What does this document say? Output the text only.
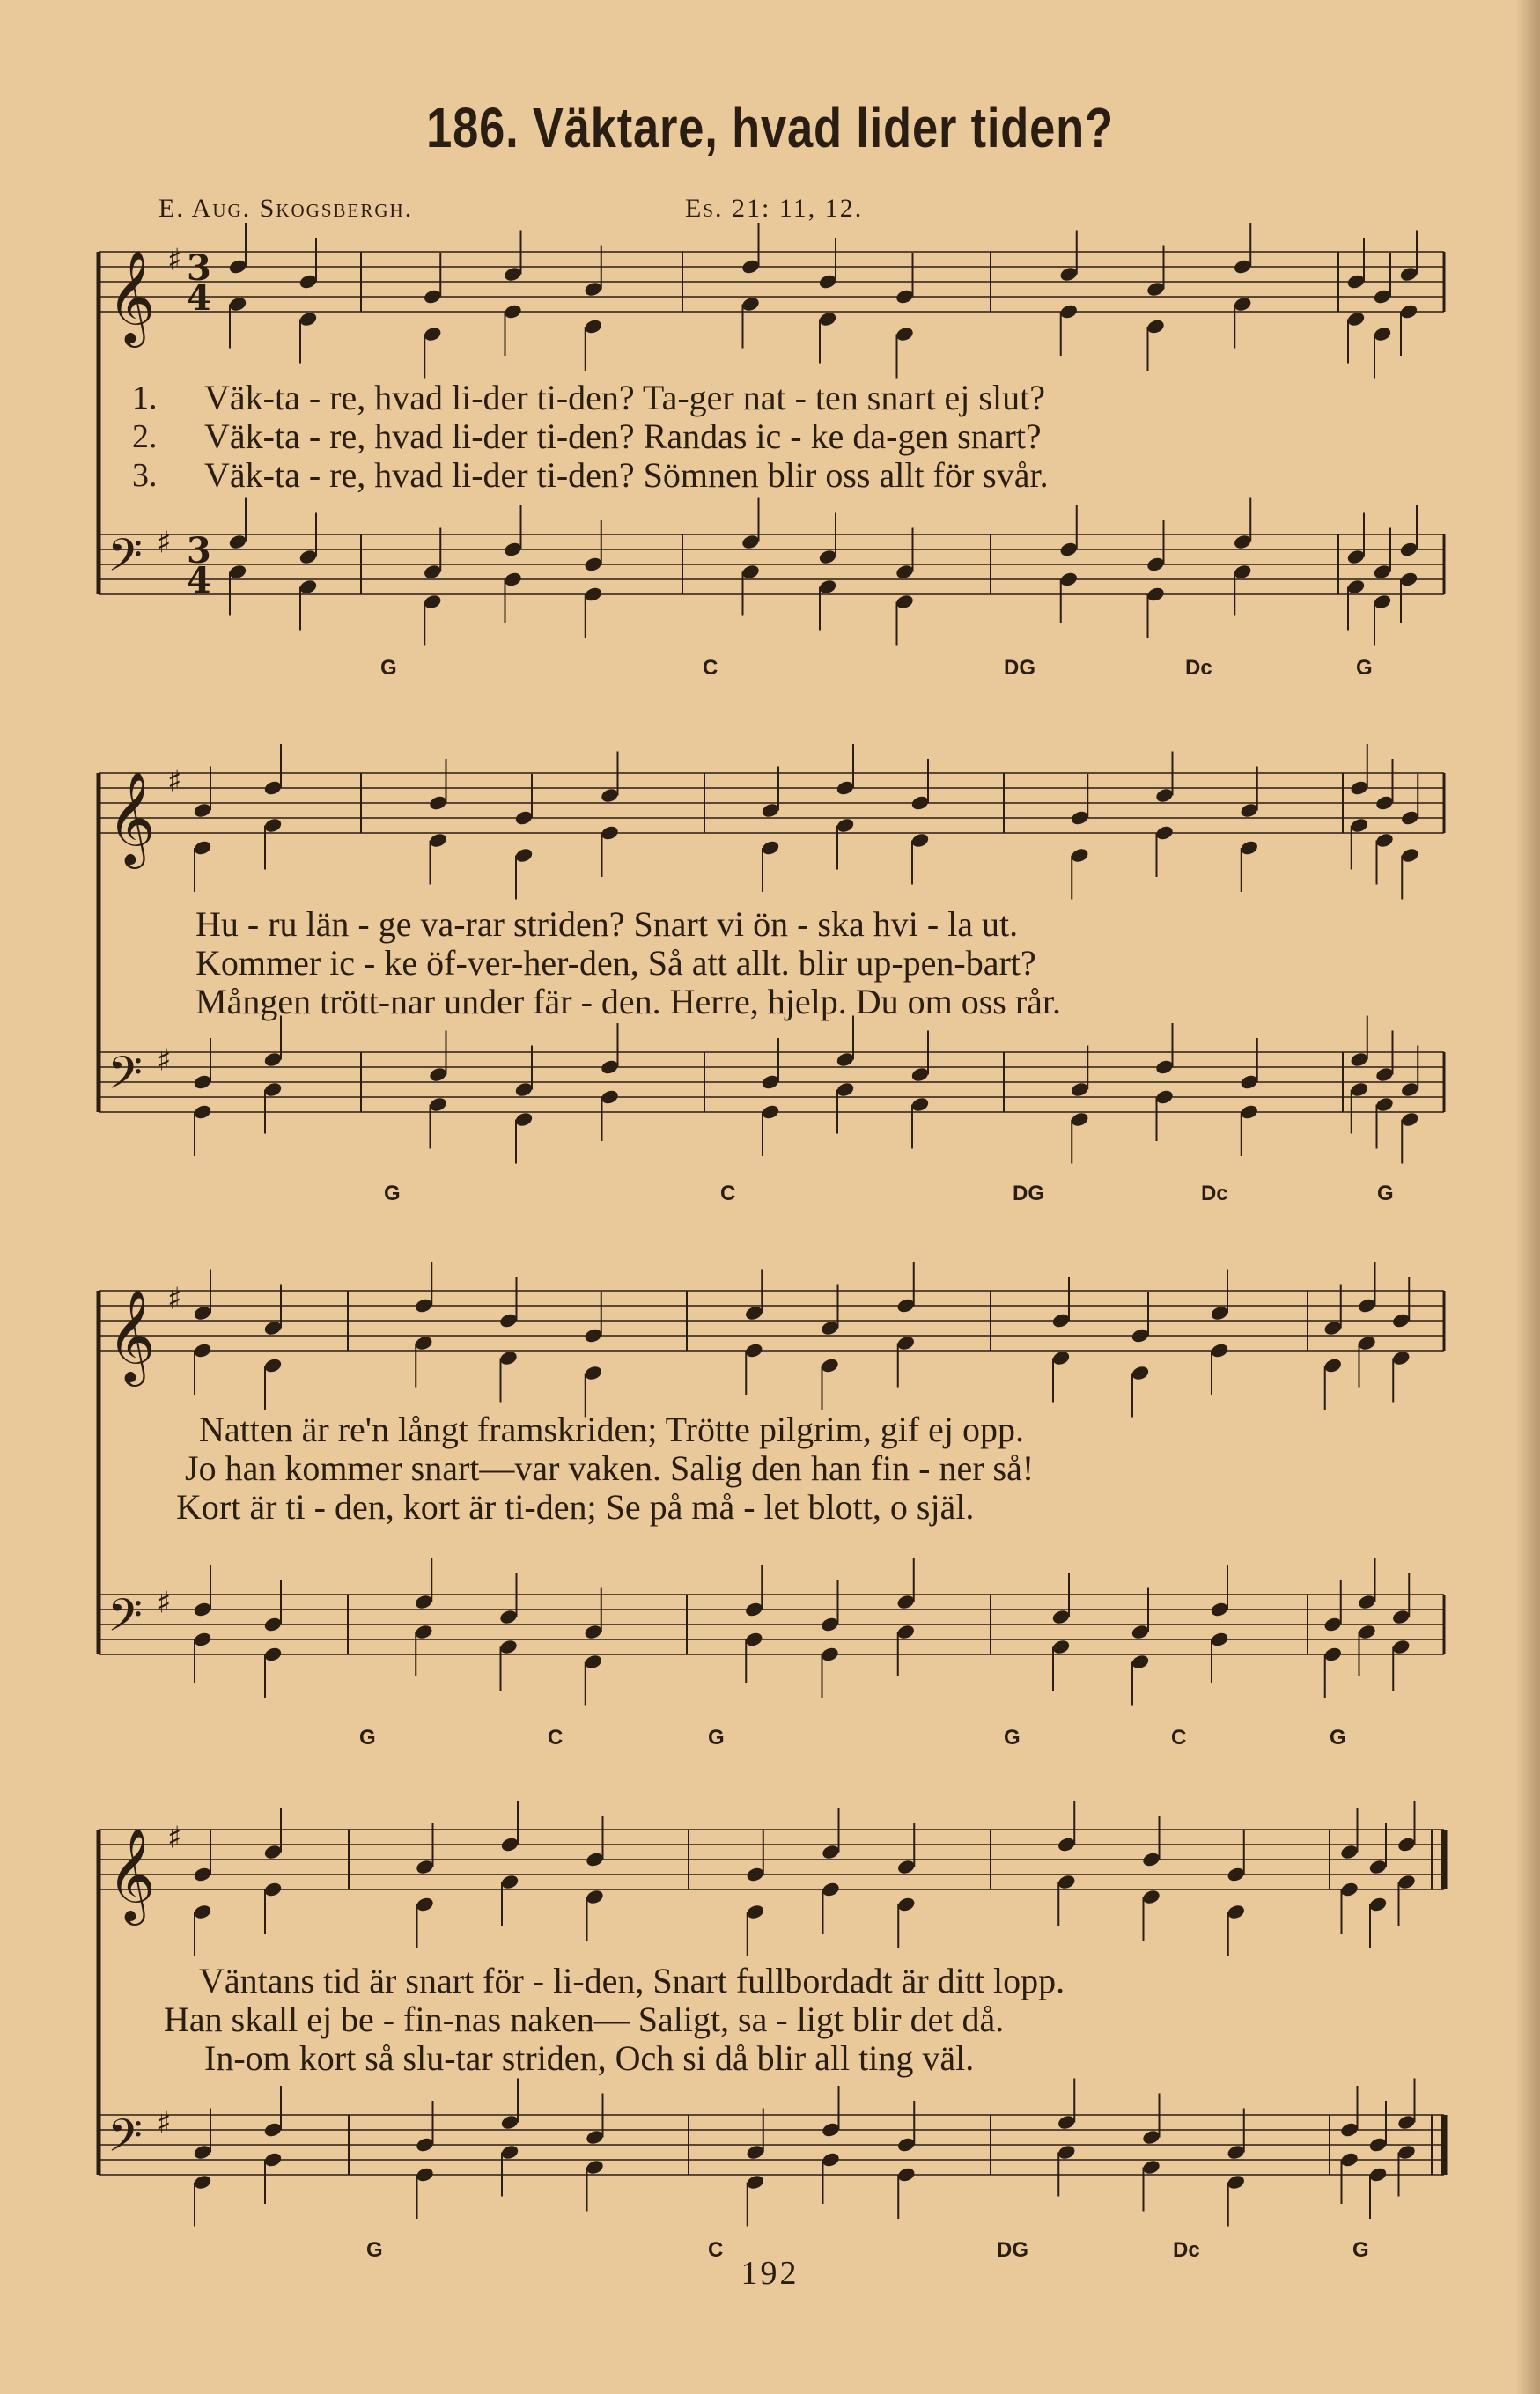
186. Väktare, hvad lider tiden?
E. Aug. Skogsbergh.	Es. 21: 11, 12.
𝄞 ♯ 3
4
𝄢 ♯ 3
4
𝄞 ♯
𝄢 ♯
𝄞 ♯
𝄢 ♯
𝄞 ♯
𝄢 ♯
1.
2.
3.
Väk-ta - re, hvad li-der ti-den? Ta-ger nat - ten snart ej slut?
Väk-ta - re, hvad li-der ti-den? Randas ic - ke da-gen snart?
Väk-ta - re, hvad li-der ti-den? Sömnen blir oss allt för svår.
G	C	DG	Dc	G
Hu - ru län - ge va-rar striden? Snart vi ön - ska hvi - la ut.
Kommer ic - ke öf-ver-her-den, Så att allt. blir up-pen-bart?
Mången trött-nar under fär - den. Herre, hjelp. Du om oss rår.
G	C	DG	Dc	G
Natten är re'n långt framskriden; Trötte pilgrim, gif ej opp.
Jo han kommer snart—var vaken. Salig den han fin - ner så!
Kort är ti - den, kort är ti-den; Se på må - let blott, o själ.
G	C	G	G	C	G
Väntans tid är snart för - li-den, Snart fullbordadt är ditt lopp.
Han skall ej be - fin-nas naken— Saligt, sa - ligt blir det då.
In-om kort så slu-tar striden, Och si då blir all ting väl.
G	C	DG	Dc	G
192
